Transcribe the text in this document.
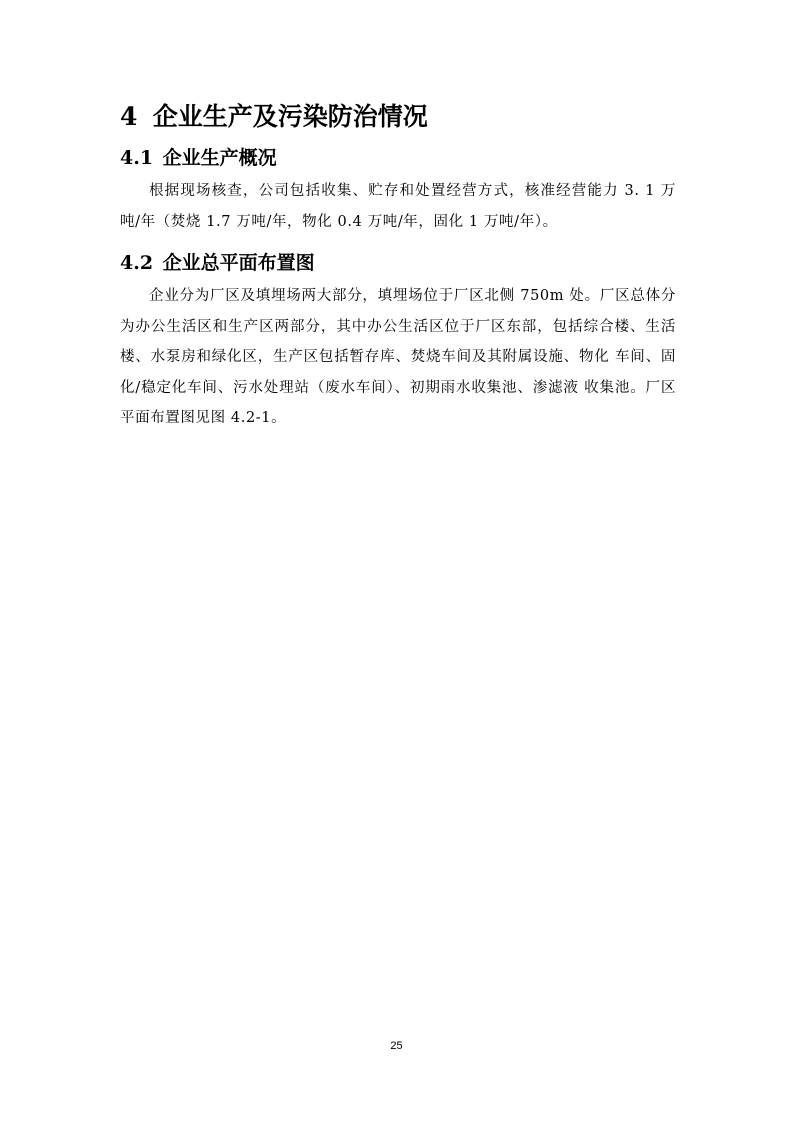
4 企业生产及污染防治情况
4.1 企业生产概况

根据现场核查，公司包括收集、贮存和处置经营方式，核准经营能力 3. 1 万 吨/年（焚烧 1.7 万吨/年，物化 0.4 万吨/年，固化 1 万吨/年）。

4.2 企业总平面布置图

企业分为厂区及填埋场两大部分，填埋场位于厂区北侧 750m 处。厂区总体分为办公生活区和生产区两部分，其中办公生活区位于厂区东部，包括综合楼、生活楼、水泵房和绿化区，生产区包括暂存库、焚烧车间及其附属设施、物化 车间、固化/稳定化车间、污水处理站（废水车间）、初期雨水收集池、渗滤液 收集池。厂区平面布置图见图 4.2-1。

25
